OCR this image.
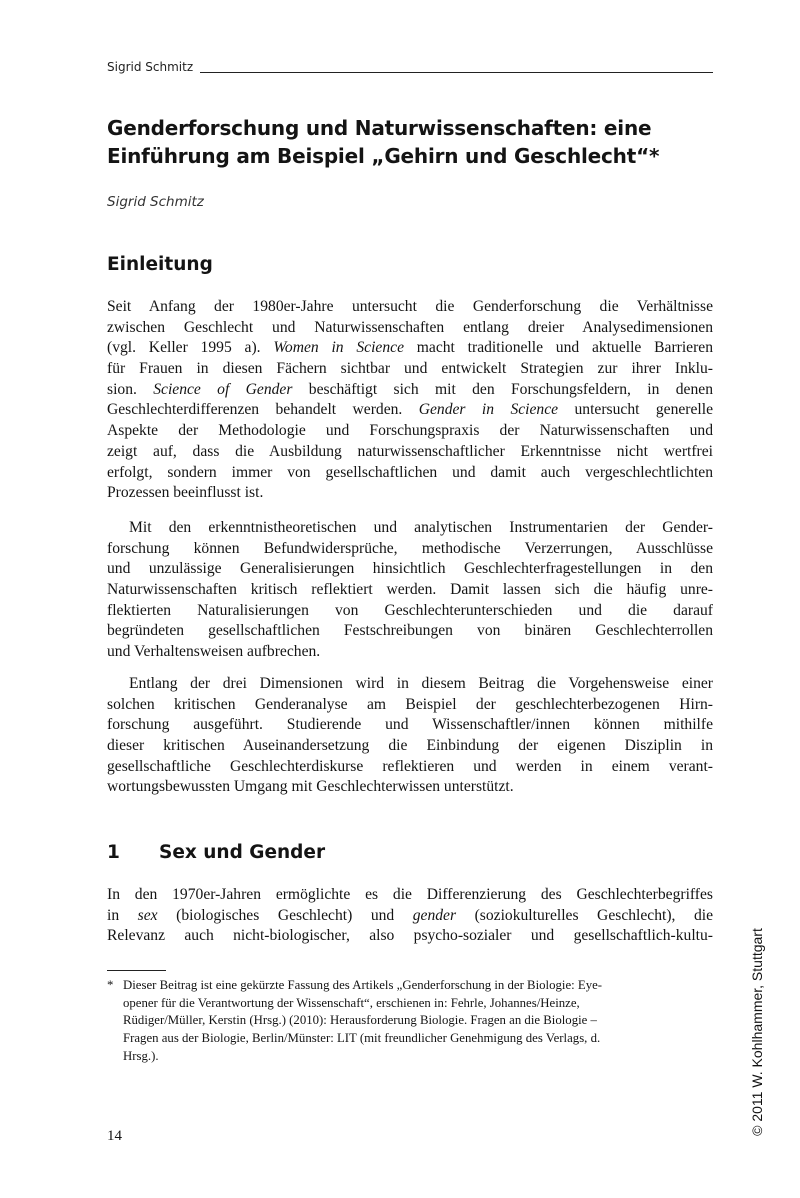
Sigrid Schmitz
Genderforschung und Naturwissenschaften: eine
Einführung am Beispiel „Gehirn und Geschlecht“*
Sigrid Schmitz
Einleitung
Seit Anfang der 1980er-Jahre untersucht die Genderforschung die Verhältnisse
zwischen Geschlecht und Naturwissenschaften entlang dreier Analysedimensionen
(vgl. Keller 1995 a). Women in Science macht traditionelle und aktuelle Barrieren
für Frauen in diesen Fächern sichtbar und entwickelt Strategien zur ihrer Inklu-
sion. Science of Gender beschäftigt sich mit den Forschungsfeldern, in denen
Geschlechterdifferenzen behandelt werden. Gender in Science untersucht generelle
Aspekte der Methodologie und Forschungspraxis der Naturwissenschaften und
zeigt auf, dass die Ausbildung naturwissenschaftlicher Erkenntnisse nicht wertfrei
erfolgt, sondern immer von gesellschaftlichen und damit auch vergeschlechtlichten
Prozessen beeinflusst ist.
Mit den erkenntnistheoretischen und analytischen Instrumentarien der Gender-
forschung können Befundwidersprüche, methodische Verzerrungen, Ausschlüsse
und unzulässige Generalisierungen hinsichtlich Geschlechterfragestellungen in den
Naturwissenschaften kritisch reflektiert werden. Damit lassen sich die häufig unre-
flektierten Naturalisierungen von Geschlechterunterschieden und die darauf
begründeten gesellschaftlichen Festschreibungen von binären Geschlechterrollen
und Verhaltensweisen aufbrechen.
Entlang der drei Dimensionen wird in diesem Beitrag die Vorgehensweise einer
solchen kritischen Genderanalyse am Beispiel der geschlechterbezogenen Hirn-
forschung ausgeführt. Studierende und Wissenschaftler/innen können mithilfe
dieser kritischen Auseinandersetzung die Einbindung der eigenen Disziplin in
gesellschaftliche Geschlechterdiskurse reflektieren und werden in einem verant-
wortungsbewussten Umgang mit Geschlechterwissen unterstützt.
1 Sex und Gender
In den 1970er-Jahren ermöglichte es die Differenzierung des Geschlechterbegriffes
in sex (biologisches Geschlecht) und gender (soziokulturelles Geschlecht), die
Relevanz auch nicht-biologischer, also psycho-sozialer und gesellschaftlich-kultu-
* Dieser Beitrag ist eine gekürzte Fassung des Artikels „Genderforschung in der Biologie: Eye-
opener für die Verantwortung der Wissenschaft“, erschienen in: Fehrle, Johannes/Heinze,
Rüdiger/Müller, Kerstin (Hrsg.) (2010): Herausforderung Biologie. Fragen an die Biologie –
Fragen aus der Biologie, Berlin/Münster: LIT (mit freundlicher Genehmigung des Verlags, d.
Hrsg.).
14
© 2011 W. Kohlhammer, Stuttgart
